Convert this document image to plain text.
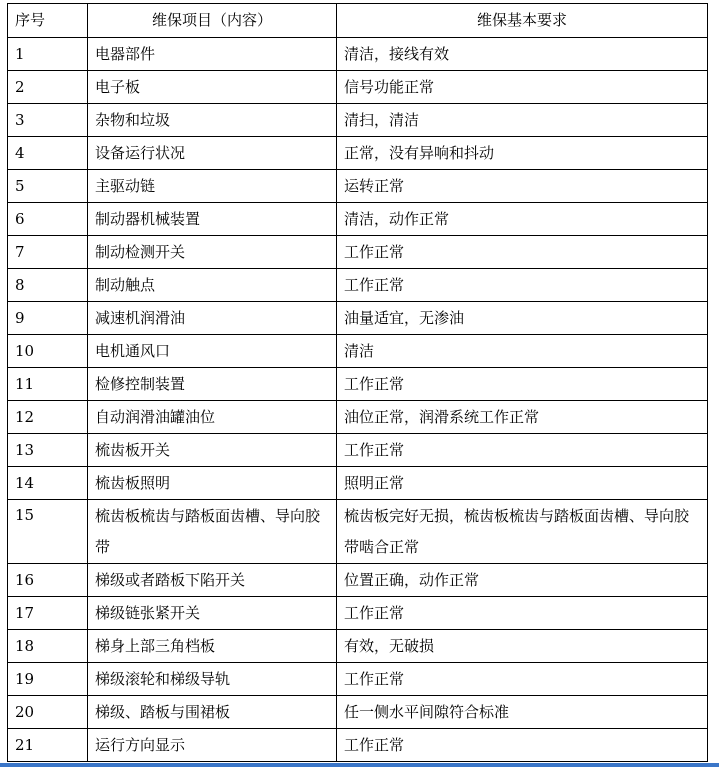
序号	维保项目（内容）	维保基本要求
1	电器部件	清洁，接线有效
2	电子板	信号功能正常
3	杂物和垃圾	清扫，清洁
4	设备运行状况	正常，没有异响和抖动
5	主驱动链	运转正常
6	制动器机械装置	清洁，动作正常
7	制动检测开关	工作正常
8	制动触点	工作正常
9	减速机润滑油	油量适宜，无渗油
10	电机通风口	清洁
11	检修控制装置	工作正常
12	自动润滑油罐油位	油位正常，润滑系统工作正常
13	梳齿板开关	工作正常
14	梳齿板照明	照明正常
15	梳齿板梳齿与踏板面齿槽、导向胶带	梳齿板完好无损，梳齿板梳齿与踏板面齿槽、导向胶带啮合正常
16	梯级或者踏板下陷开关	位置正确，动作正常
17	梯级链张紧开关	工作正常
18	梯身上部三角档板	有效，无破损
19	梯级滚轮和梯级导轨	工作正常
20	梯级、踏板与围裙板	任一侧水平间隙符合标准
21	运行方向显示	工作正常
